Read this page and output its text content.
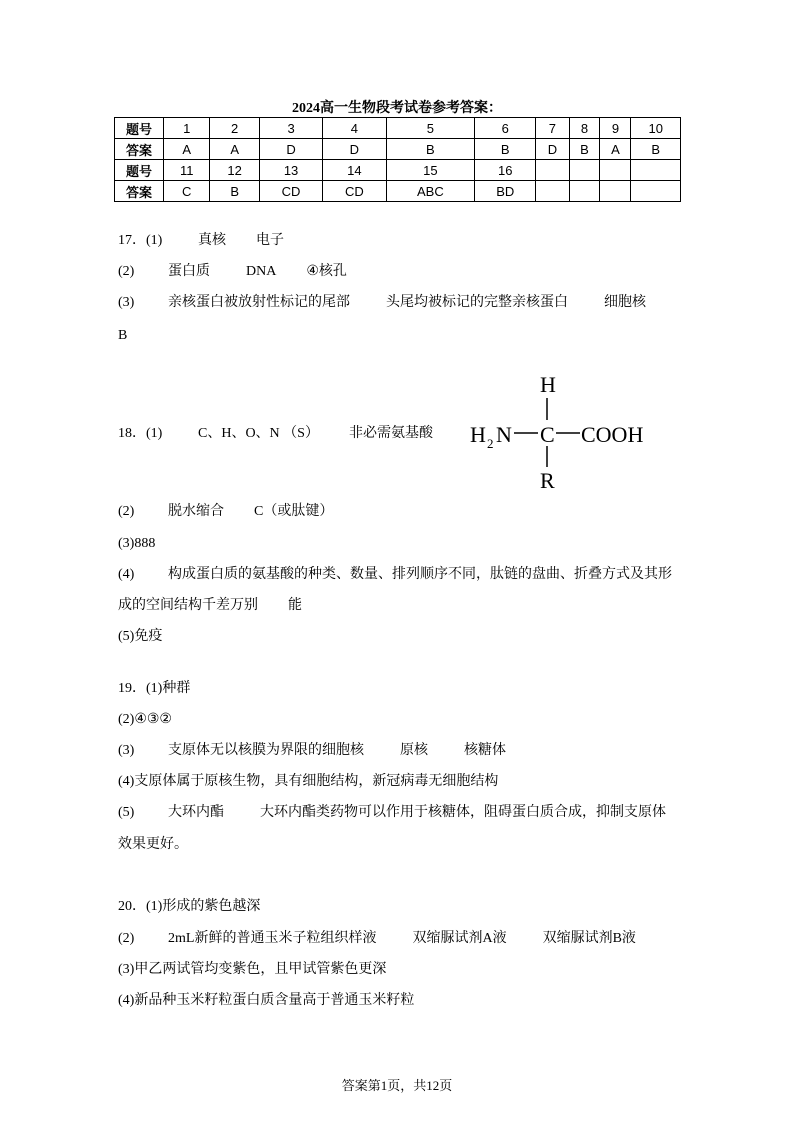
2024高一生物段考试卷参考答案：
题号	1	2	3	4	5	6	7	8	9	10
答案	A	A	D	D	B	B	D	B	A	B
题号	11	12	13	14	15	16				
答案	C	B	CD	CD	ABC	BD				
17．(1)	真核 电子
(2) 蛋白质	DNA ④核孔
(3) 亲核蛋白被放射性标记的尾部	头尾均被标记的完整亲核蛋白	细胞核
B
18．(1)	C、H、O、N （S） 非必需氨基酸
H
H 2 N C COOH
R
(2) 脱水缩合 C（或肽键）
(3)888
(4) 构成蛋白质的氨基酸的种类、数量、排列顺序不同，肽链的盘曲、折叠方式及其形
成的空间结构千差万别 能
(5)免疫
19．(1)种群
(2)④③②
(3) 支原体无以核膜为界限的细胞核	原核	核糖体
(4)支原体属于原核生物，具有细胞结构，新冠病毒无细胞结构
(5) 大环内酯	大环内酯类药物可以作用于核糖体，阻碍蛋白质合成，抑制支原体
效果更好。
20．(1)形成的紫色越深
(2) 2mL新鲜的普通玉米子粒组织样液	双缩脲试剂A液	双缩脲试剂B液
(3)甲乙两试管均变紫色，且甲试管紫色更深
(4)新品种玉米籽粒蛋白质含量高于普通玉米籽粒
答案第1页，共12页
